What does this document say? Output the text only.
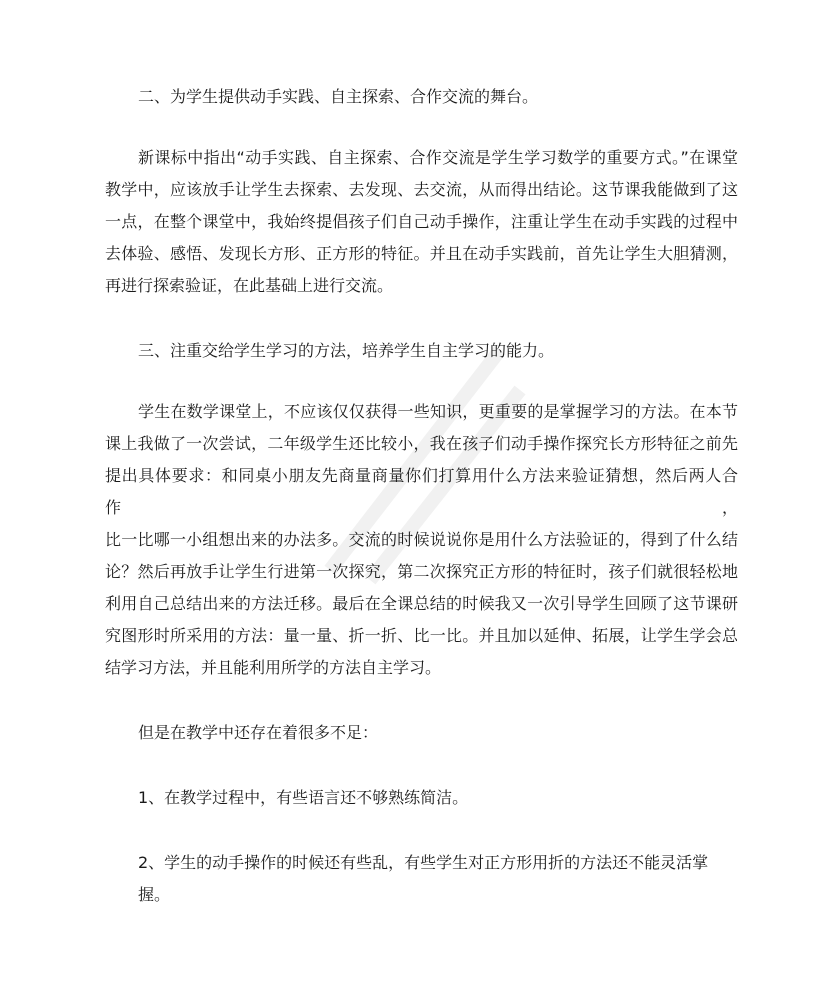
二、为学生提供动手实践、自主探索、合作交流的舞台。
新课标中指出“动手实践、自主探索、合作交流是学生学习数学的重要方式。”在课堂
教学中，应该放手让学生去探索、去发现、去交流，从而得出结论。这节课我能做到了这
一点，在整个课堂中，我始终提倡孩子们自己动手操作，注重让学生在动手实践的过程中
去体验、感悟、发现长方形、正方形的特征。并且在动手实践前，首先让学生大胆猜测，
再进行探索验证，在此基础上进行交流。
三、注重交给学生学习的方法，培养学生自主学习的能力。
学生在数学课堂上，不应该仅仅获得一些知识，更重要的是掌握学习的方法。在本节
课上我做了一次尝试，二年级学生还比较小，我在孩子们动手操作探究长方形特征之前先
提出具体要求：和同桌小朋友先商量商量你们打算用什么方法来验证猜想，然后两人合作，
比一比哪一小组想出来的办法多。交流的时候说说你是用什么方法验证的，得到了什么结
论？然后再放手让学生行进第一次探究，第二次探究正方形的特征时，孩子们就很轻松地
利用自己总结出来的方法迁移。最后在全课总结的时候我又一次引导学生回顾了这节课研
究图形时所采用的方法：量一量、折一折、比一比。并且加以延伸、拓展，让学生学会总
结学习方法，并且能利用所学的方法自主学习。
但是在教学中还存在着很多不足：
1、在教学过程中，有些语言还不够熟练简洁。
2、学生的动手操作的时候还有些乱，有些学生对正方形用折的方法还不能灵活掌握。
